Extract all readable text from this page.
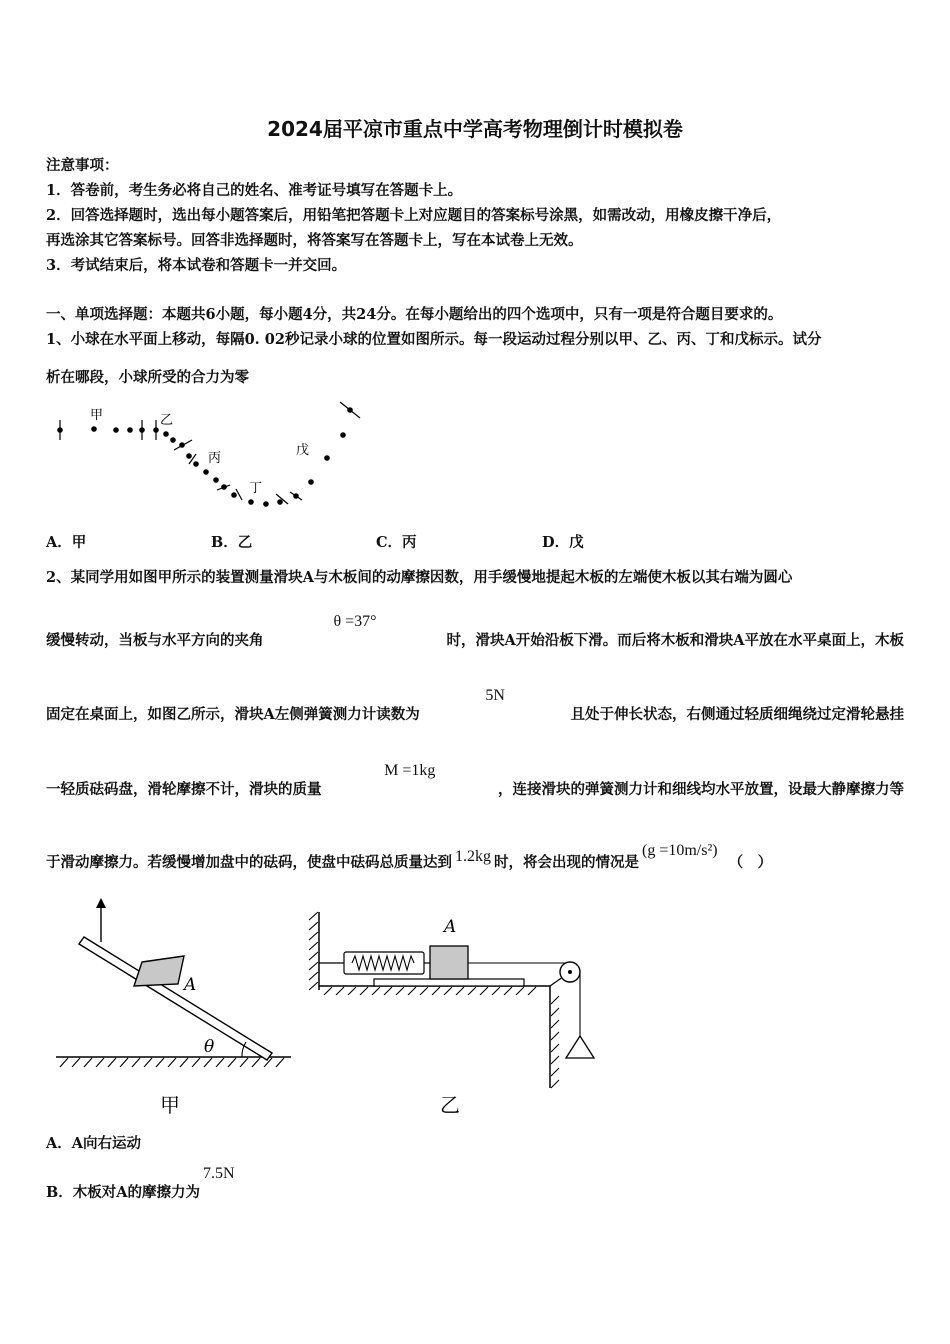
2024届平凉市重点中学高考物理倒计时模拟卷
注意事项：
1．答卷前，考生务必将自己的姓名、准考证号填写在答题卡上。
2．回答选择题时，选出每小题答案后，用铅笔把答题卡上对应题目的答案标号涂黑，如需改动，用橡皮擦干净后，
再选涂其它答案标号。回答非选择题时，将答案写在答题卡上，写在本试卷上无效。
3．考试结束后，将本试卷和答题卡一并交回。
一、单项选择题：本题共6小题，每小题4分，共24分。在每小题给出的四个选项中，只有一项是符合题目要求的。
1、小球在水平面上移动，每隔0. 02秒记录小球的位置如图所示。每一段运动过程分别以甲、乙、丙、丁和戊标示。试分
析在哪段，小球所受的合力为零
甲	乙
丙
丁
戊
A．甲	B．乙	C．丙	D．戊
2、某同学用如图甲所示的装置测量滑块A与木板间的动摩擦因数，用手缓慢地提起木板的左端使木板以其右端为圆心
缓慢转动，当板与水平方向的夹角
θ =37°
时，滑块A开始沿板下滑。而后将木板和滑块A平放在水平桌面上，木板
固定在桌面上，如图乙所示，滑块A左侧弹簧测力计读数为
5N
且处于伸长状态，右侧通过轻质细绳绕过定滑轮悬挂
一轻质砝码盘，滑轮摩擦不计，滑块的质量
M =1kg
，连接滑块的弹簧测力计和细线均水平放置，设最大静摩擦力等
于滑动摩擦力。若缓慢增加盘中的砝码，使盘中砝码总质量达到 1.2kg 时，将会出现的情况是
(g =10m/s²)
（　）
A
θ
甲
A
乙
A．A向右运动
B．木板对A的摩擦力为
7.5N
